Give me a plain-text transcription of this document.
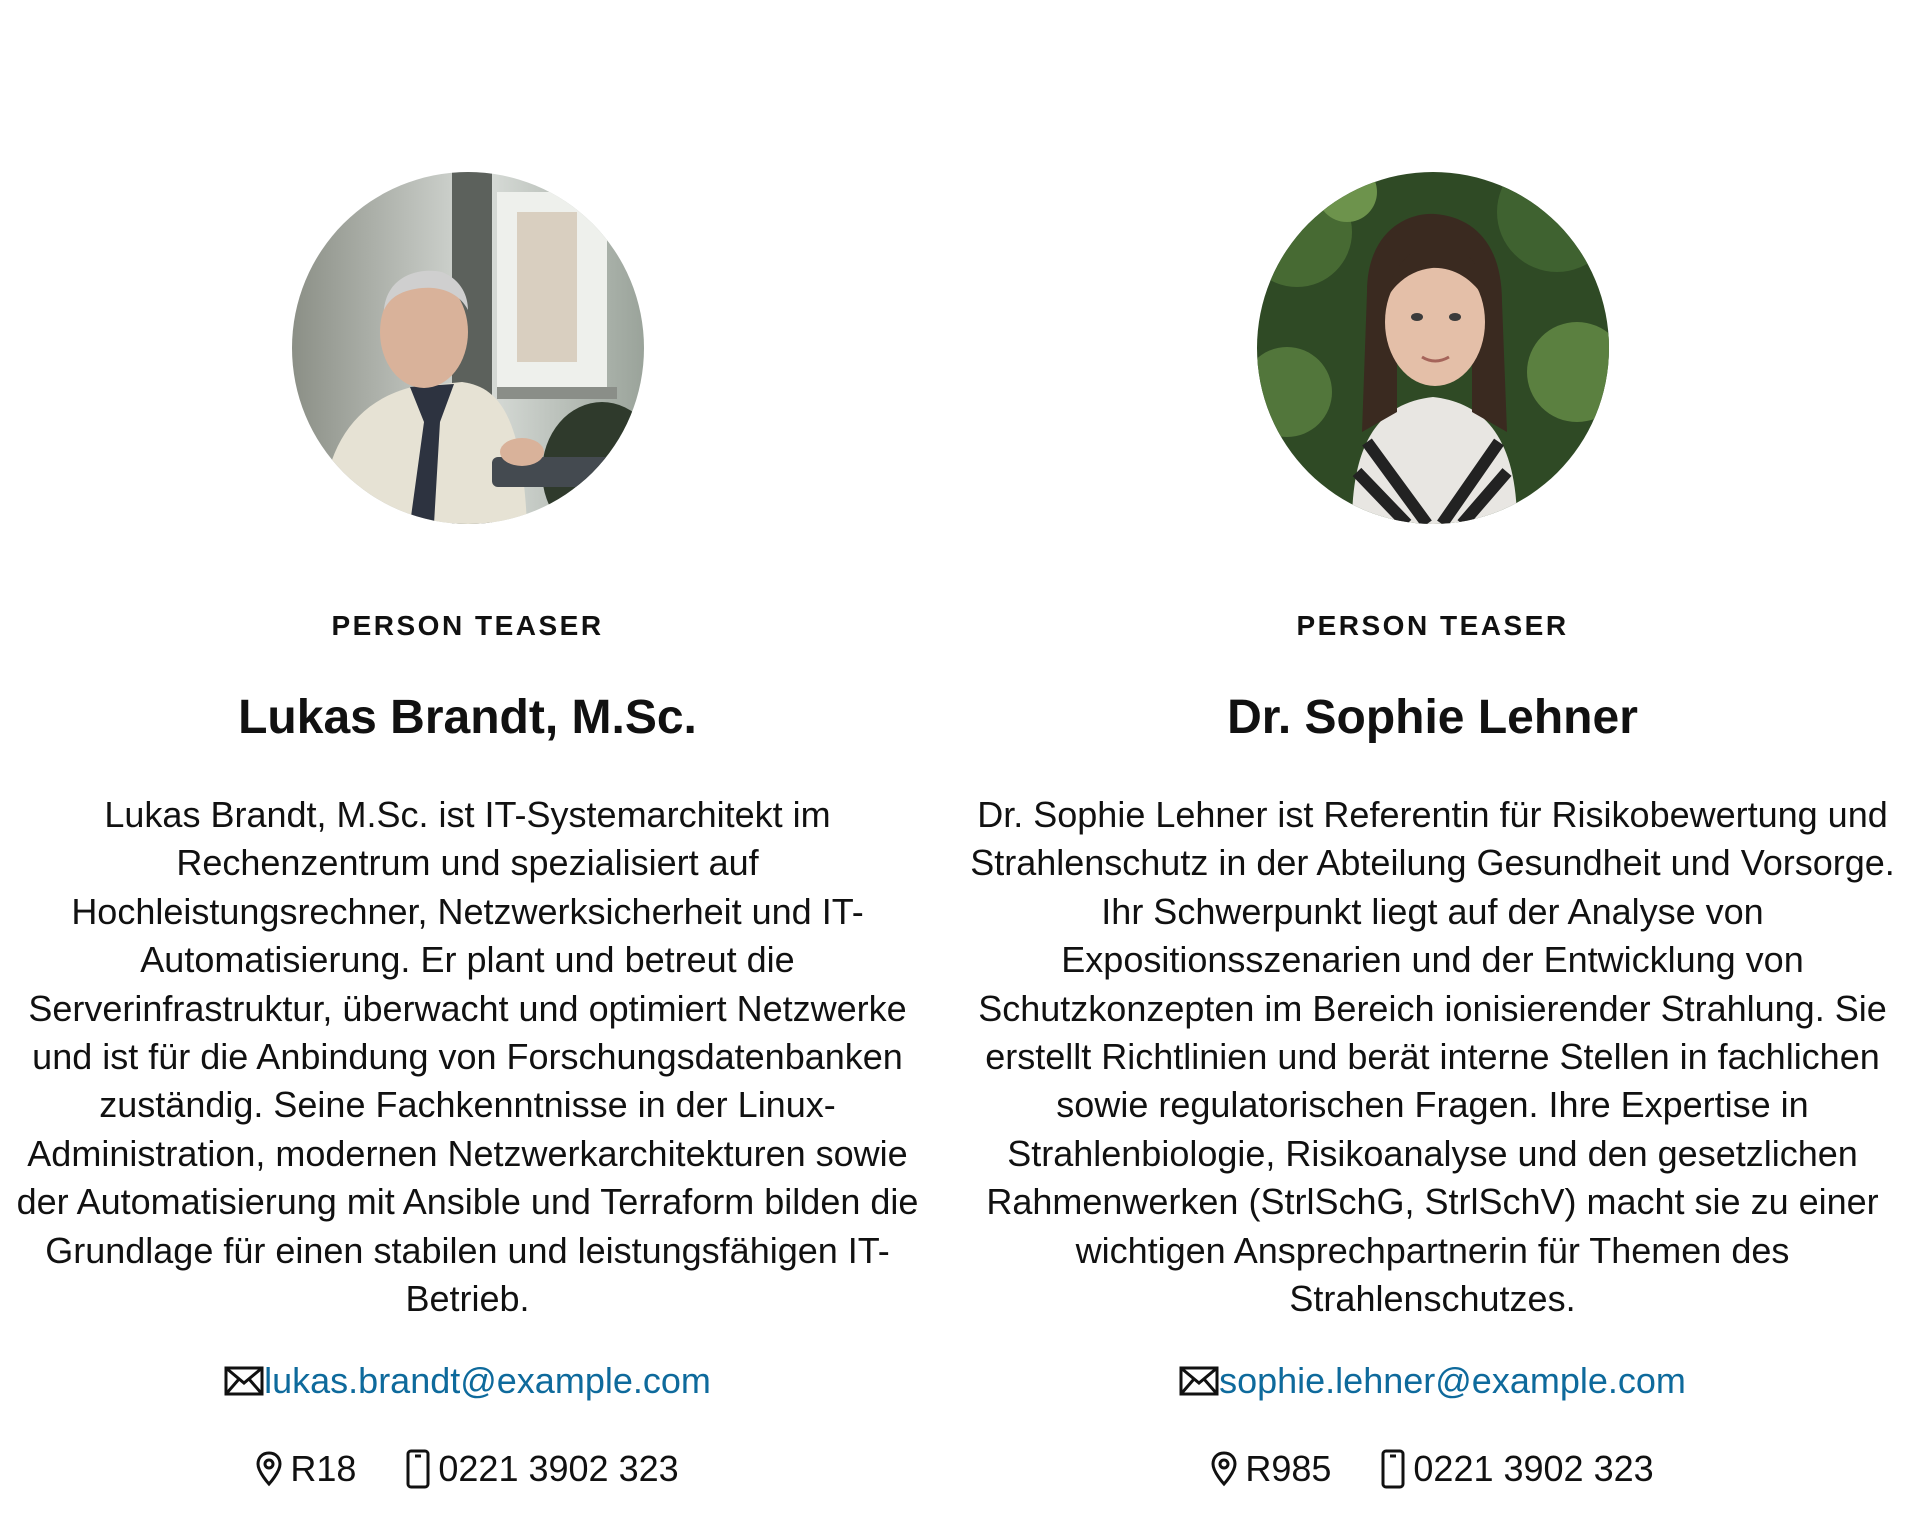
PERSON TEASER
Lukas Brandt, M.Sc.

Lukas Brandt, M.Sc. ist IT-Systemarchitekt im Rechenzentrum und spezialisiert auf Hochleistungsrechner, Netzwerksicherheit und IT-Automatisierung. Er plant und betreut die Serverinfrastruktur, überwacht und optimiert Netzwerke und ist für die Anbindung von Forschungsdatenbanken zuständig. Seine Fachkenntnisse in der Linux-Administration, modernen Netzwerkarchitekturen sowie der Automatisierung mit Ansible und Terraform bilden die Grundlage für einen stabilen und leistungsfähigen IT-Betrieb.

lukas.brandt@example.com
R18 0221 3902 323
PERSON TEASER
Dr. Sophie Lehner

Dr. Sophie Lehner ist Referentin für Risikobewertung und Strahlenschutz in der Abteilung Gesundheit und Vorsorge. Ihr Schwerpunkt liegt auf der Analyse von Expositionsszenarien und der Entwicklung von Schutzkonzepten im Bereich ionisierender Strahlung. Sie erstellt Richtlinien und berät interne Stellen in fachlichen sowie regulatorischen Fragen. Ihre Expertise in Strahlenbiologie, Risikoanalyse und den gesetzlichen Rahmenwerken (StrlSchG, StrlSchV) macht sie zu einer wichtigen Ansprechpartnerin für Themen des Strahlenschutzes.

sophie.lehner@example.com
R985 0221 3902 323
